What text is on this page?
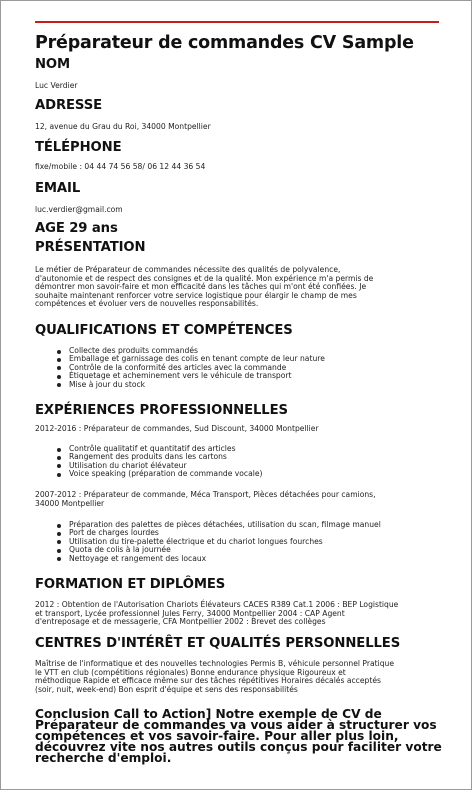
Préparateur de commandes CV Sample
NOM
Luc Verdier
ADRESSE
12, avenue du Grau du Roi, 34000 Montpellier
TÉLÉPHONE
fixe/mobile : 04 44 74 56 58/ 06 12 44 36 54
EMAIL
luc.verdier@gmail.com
AGE 29 ans
PRÉSENTATION
Le métier de Préparateur de commandes nécessite des qualités de polyvalence,
d'autonomie et de respect des consignes et de la qualité. Mon expérience m'a permis de
démontrer mon savoir-faire et mon efficacité dans les tâches qui m'ont été confiées. Je
souhaite maintenant renforcer votre service logistique pour élargir le champ de mes
compétences et évoluer vers de nouvelles responsabilités.
QUALIFICATIONS ET COMPÉTENCES
Collecte des produits commandés
Emballage et garnissage des colis en tenant compte de leur nature
Contrôle de la conformité des articles avec la commande
Étiquetage et acheminement vers le véhicule de transport
Mise à jour du stock
EXPÉRIENCES PROFESSIONNELLES
2012-2016 : Préparateur de commandes, Sud Discount, 34000 Montpellier
Contrôle qualitatif et quantitatif des articles
Rangement des produits dans les cartons
Utilisation du chariot élévateur
Voice speaking (préparation de commande vocale)
2007-2012 : Préparateur de commande, Méca Transport, Pièces détachées pour camions,
34000 Montpellier
Préparation des palettes de pièces détachées, utilisation du scan, filmage manuel
Port de charges lourdes
Utilisation du tire-palette électrique et du chariot longues fourches
Quota de colis à la journée
Nettoyage et rangement des locaux
FORMATION ET DIPLÔMES
2012 : Obtention de l'Autorisation Chariots Élévateurs CACES R389 Cat.1 2006 : BEP Logistique
et transport, Lycée professionnel Jules Ferry, 34000 Montpellier 2004 : CAP Agent
d'entreposage et de messagerie, CFA Montpellier 2002 : Brevet des collèges
CENTRES D'INTÉRÊT ET QUALITÉS PERSONNELLES
Maîtrise de l'informatique et des nouvelles technologies Permis B, véhicule personnel Pratique
le VTT en club (compétitions régionales) Bonne endurance physique Rigoureux et
méthodique Rapide et efficace même sur des tâches répétitives Horaires décalés acceptés
(soir, nuit, week-end) Bon esprit d'équipe et sens des responsabilités
Conclusion Call to Action] Notre exemple de CV de
Préparateur de commandes va vous aider à structurer vos
compétences et vos savoir-faire. Pour aller plus loin,
découvrez vite nos autres outils conçus pour faciliter votre
recherche d'emploi.
